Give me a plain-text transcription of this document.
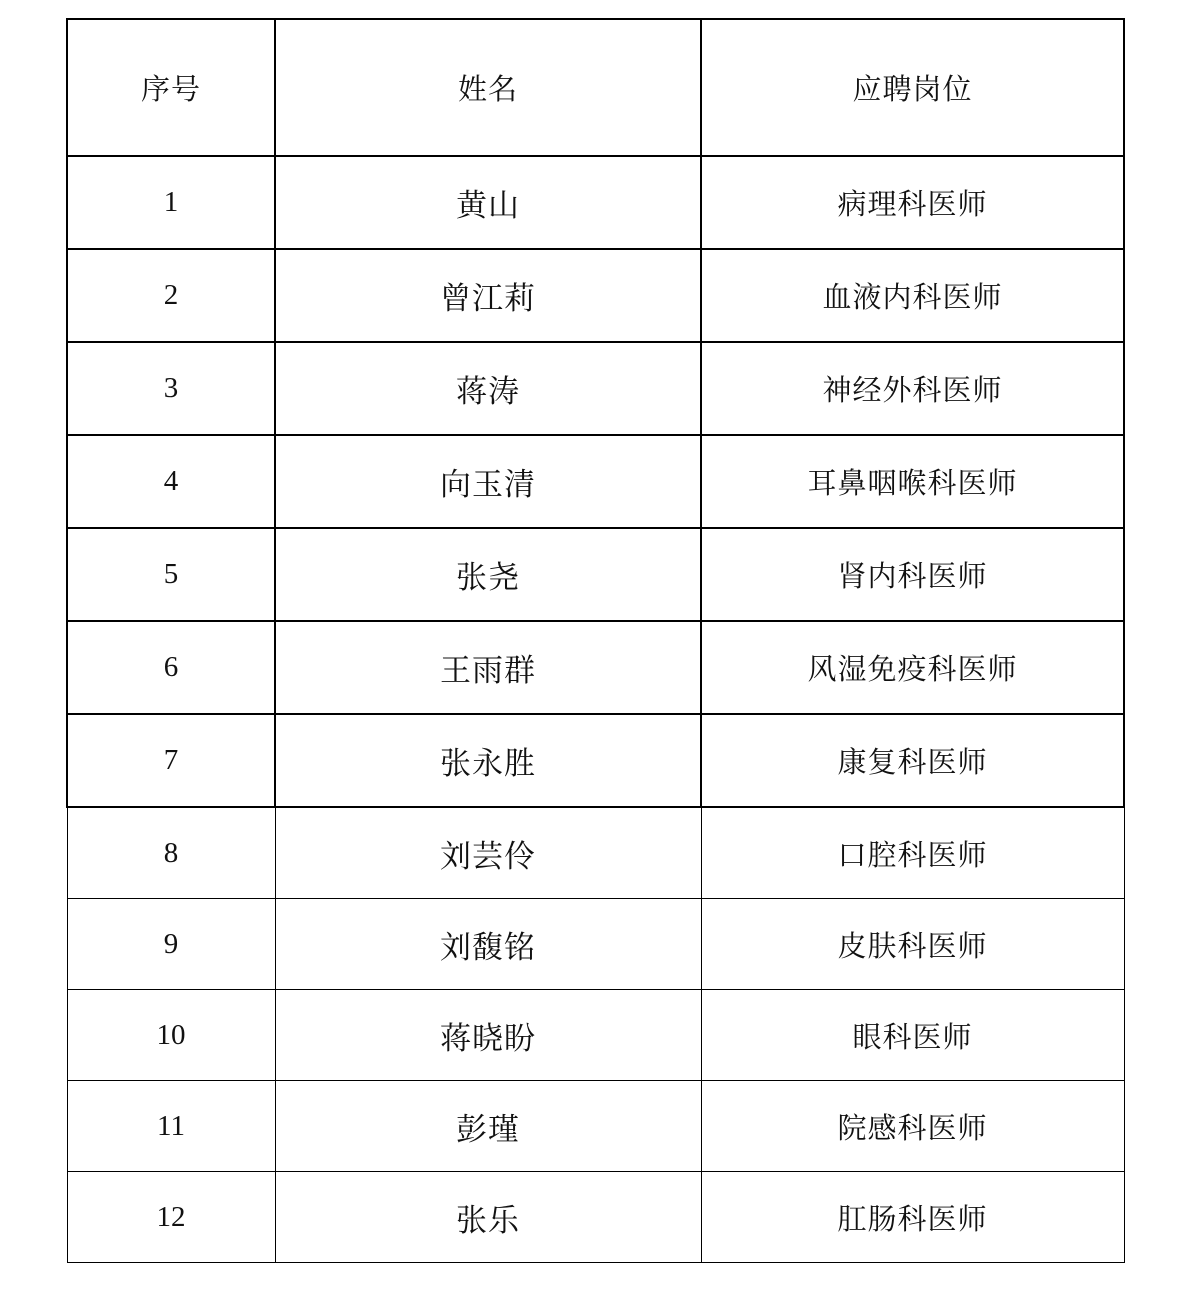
序号	姓名	应聘岗位
1	黄山	病理科医师
2	曾江莉	血液内科医师
3	蒋涛	神经外科医师
4	向玉清	耳鼻咽喉科医师
5	张尧	肾内科医师
6	王雨群	风湿免疫科医师
7	张永胜	康复科医师
8	刘芸伶	口腔科医师
9	刘馥铭	皮肤科医师
10	蒋晓盼	眼科医师
11	彭瑾	院感科医师
12	张乐	肛肠科医师
